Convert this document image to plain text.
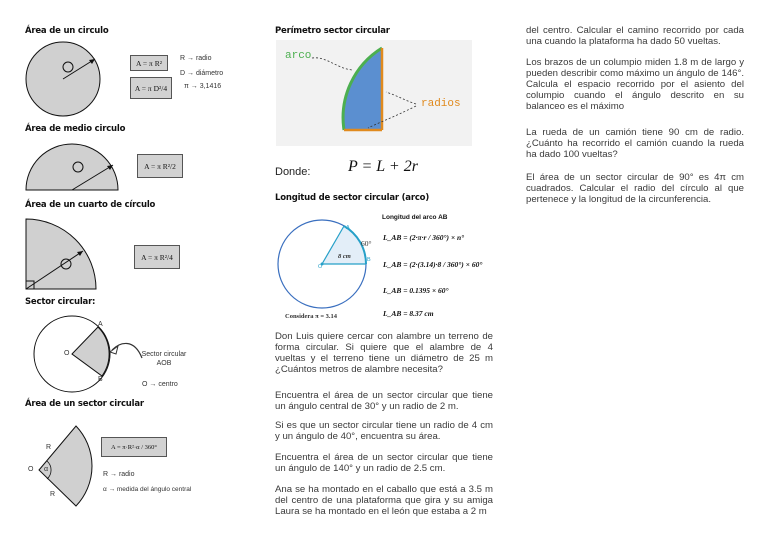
Área de un circulo
A = π R²
A = π D²/4
R → radio
D → diámetro
π → 3,1416
Área de medio circulo
A = π R²/2
Área de un cuarto de círculo
A = π R²/4
Sector circular:
A
B
O	Sector circular AOB
O → centro
Área de un sector circular
R
R
O α
A = π·R²·α / 360°
R → radio
α → medida del ángulo central
Perímetro sector circular
arco
radios
Donde: P = L + 2r
Longitud de sector circular (arco)
60°
8 cm
A
B
O
Considera π = 3.14
Longitud del arco AB
L_AB = (2·π·r / 360°) × n°
L_AB = (2·(3.14)·8 / 360°) × 60°
L_AB = 0.1395 × 60°
L_AB = 8.37 cm

Don Luis quiere cercar con alambre un terreno de forma circular. Si quiere que el alambre de 4 vueltas y el terreno tiene un diámetro de 25 m ¿Cuántos metros de alambre necesita?

Encuentra el área de un sector circular que tiene un ángulo central de 30° y un radio de 2 m.

Si es que un sector circular tiene un radio de 4 cm y un ángulo de 40°, encuentra su área.

Encuentra el área de un sector circular que tiene un ángulo de 140° y un radio de 2.5 cm.

Ana se ha montado en el caballo que está a 3.5 m del centro de una plataforma que gira y su amiga Laura se ha montado en el león que estaba a 2 m

del centro. Calcular el camino recorrido por cada una cuando la plataforma ha dado 50 vueltas.

Los brazos de un columpio miden 1.8 m de largo y pueden describir como máximo un ángulo de 146°. Calcula el espacio recorrido por el asiento del columpio cuando el ángulo descrito en su balanceo es el máximo

La rueda de un camión tiene 90 cm de radio. ¿Cuánto ha recorrido el camión cuando la rueda ha dado 100 vueltas?

El área de un sector circular de 90° es 4π cm cuadrados. Calcular el radio del círculo al que pertenece y la longitud de la circunferencia.
